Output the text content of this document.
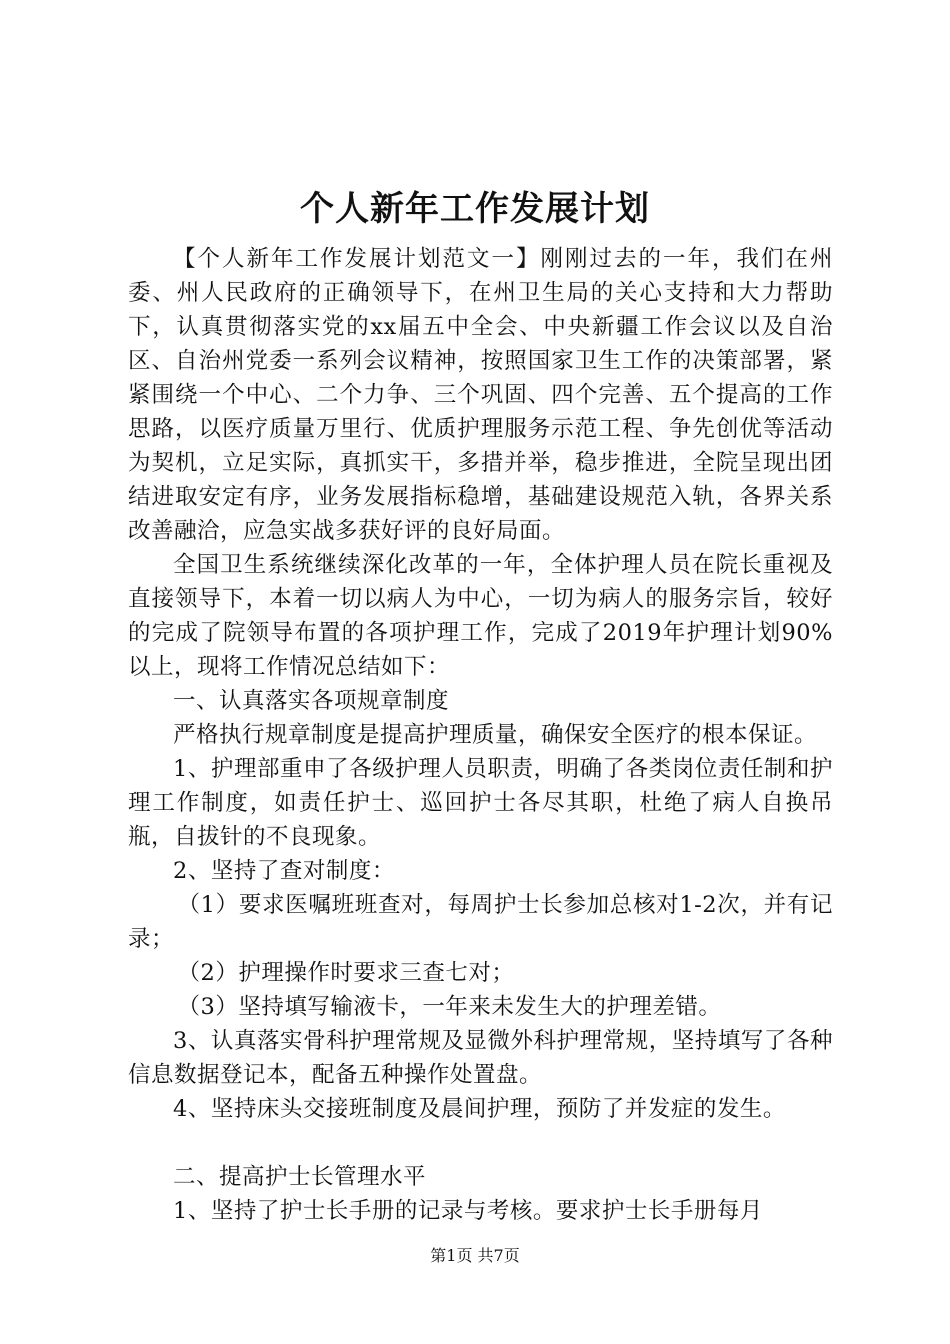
个人新年工作发展计划

【个人新年工作发展计划范文一】刚刚过去的一年，我们在州委、州人民政府的正确领导下，在州卫生局的关心支持和大力帮助下，认真贯彻落实党的xx届五中全会、中央新疆工作会议以及自治区、自治州党委一系列会议精神，按照国家卫生工作的决策部署，紧紧围绕一个中心、二个力争、三个巩固、四个完善、五个提高的工作思路，以医疗质量万里行、优质护理服务示范工程、争先创优等活动为契机，立足实际，真抓实干，多措并举，稳步推进，全院呈现出团结进取安定有序，业务发展指标稳增，基础建设规范入轨，各界关系改善融洽，应急实战多获好评的良好局面。

全国卫生系统继续深化改革的一年，全体护理人员在院长重视及直接领导下，本着一切以病人为中心，一切为病人的服务宗旨，较好的完成了院领导布置的各项护理工作，完成了2019年护理计划90%以上，现将工作情况总结如下：

一、认真落实各项规章制度

严格执行规章制度是提高护理质量，确保安全医疗的根本保证。

1、护理部重申了各级护理人员职责，明确了各类岗位责任制和护理工作制度，如责任护士、巡回护士各尽其职，杜绝了病人自换吊瓶，自拔针的不良现象。

2、坚持了查对制度：

（1）要求医嘱班班查对，每周护士长参加总核对1-2次，并有记录；

（2）护理操作时要求三查七对；

（3）坚持填写输液卡，一年来未发生大的护理差错。

3、认真落实骨科护理常规及显微外科护理常规，坚持填写了各种信息数据登记本，配备五种操作处置盘。

4、坚持床头交接班制度及晨间护理，预防了并发症的发生。

二、提高护士长管理水平

1、坚持了护士长手册的记录与考核。要求护士长手册每月

第1页 共7页
